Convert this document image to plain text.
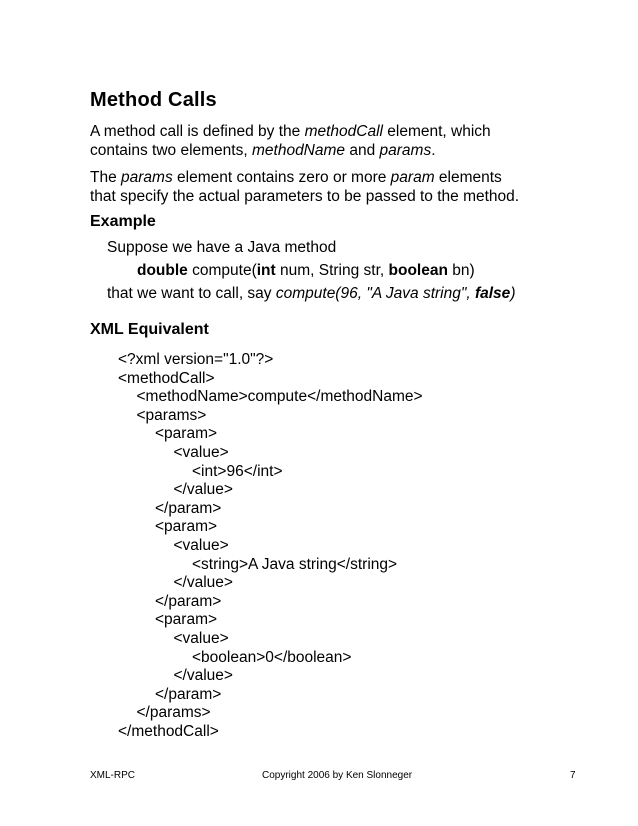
Method Calls

A method call is defined by the methodCall element, which
contains two elements, methodName and params.

The params element contains zero or more param elements
that specify the actual parameters to be passed to the method.

Example

Suppose we have a Java method

double compute(int num, String str, boolean bn)

that we want to call, say compute(96, "A Java string", false)

XML Equivalent

<?xml version="1.0"?>

<methodCall>

<methodName>compute</methodName>

<params>

<param>

<value>

<int>96</int>

</value>

</param>

<param>

<value>

<string>A Java string</string>

</value>

</param>

<param>

<value>

<boolean>0</boolean>

</value>

</param>

</params>

</methodCall>

XML-RPC	Copyright 2006 by Ken Slonneger	7
